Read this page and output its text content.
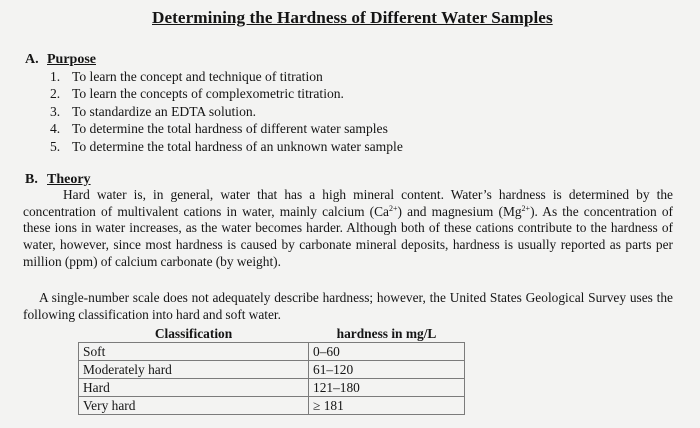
Determining the Hardness of Different Water Samples
A. Purpose
1. To learn the concept and technique of titration
2. To learn the concepts of complexometric titration.
3. To standardize an EDTA solution.
4. To determine the total hardness of different water samples
5. To determine the total hardness of an unknown water sample
B. Theory

Hard water is, in general, water that has a high mineral content. Water’s hardness is determined by the concentration of multivalent cations in water, mainly calcium $(Ca^{2+})$ and magnesium $(Mg^{2+})$. As the concentration of these ions in water increases, as the water becomes harder. Although both of these cations contribute to the hardness of water, however, since most hardness is caused by carbonate mineral deposits, hardness is usually reported as parts per million (ppm) of calcium carbonate (by weight).

A single-number scale does not adequately describe hardness; however, the United States Geological Survey uses the following classification into hard and soft water.

Classification	hardness in mg/L
Soft	0–60
Moderately hard	61–120
Hard	121–180
Very hard	≥ 181
